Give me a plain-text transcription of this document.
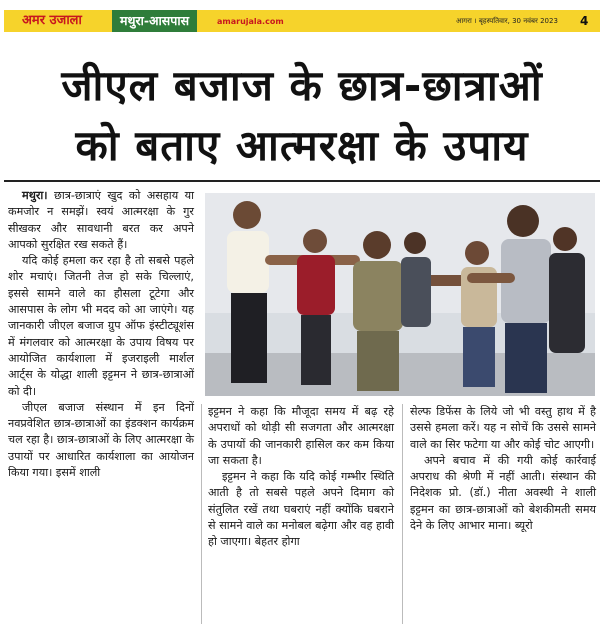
अमर उजाला	मथुरा-आसपास	amarujala.com	आगरा । बृहस्पतिवार, 30 नवंबर 2023 4
जीएल बजाज के छात्र-छात्राओं
को बताए आत्मरक्षा के उपाय

मथुरा। छात्र-छात्राएं खुद को असहाय या कमजोर न समझें। स्वयं आत्मरक्षा के गुर सीखकर और सावधानी बरत कर अपने आपको सुरक्षित रख सकते हैं।

यदि कोई हमला कर रहा है तो सबसे पहले शोर मचाएं। जितनी तेज हो सके चिल्लाएं, इससे सामने वाले का हौसला टूटेगा और आसपास के लोग भी मदद को आ जाएंगे। यह जानकारी जीएल बजाज ग्रुप ऑफ इंस्टीट्यूशंस में मंगलवार को आत्मरक्षा के उपाय विषय पर आयोजित कार्यशाला में इजराइली मार्शल आर्ट्स के योद्धा शाली इट्टमन ने छात्र-छात्राओं को दी।

जीएल बजाज संस्थान में इन दिनों नवप्रवेशित छात्र-छात्राओं का इंडक्शन कार्यक्रम चल रहा है। छात्र-छात्राओं के लिए आत्मरक्षा के उपायों पर आधारित कार्यशाला का आयोजन किया गया। इसमें शाली

इट्टमन ने कहा कि मौजूदा समय में बढ़ रहे अपराधों को थोड़ी सी सजगता और आत्मरक्षा के उपायों की जानकारी हासिल कर कम किया जा सकता है।

इट्टमन ने कहा कि यदि कोई गम्भीर स्थिति आती है तो सबसे पहले अपने दिमाग को संतुलित रखें तथा घबराएं नहीं क्योंकि घबराने से सामने वाले का मनोबल बढ़ेगा और वह हावी हो जाएगा। बेहतर होगा

सेल्फ डिफेंस के लिये जो भी वस्तु हाथ में है उससे हमला करें। यह न सोचें कि उससे सामने वाले का सिर फटेगा या और कोई चोट आएगी।

अपने बचाव में की गयी कोई कार्रवाई अपराध की श्रेणी में नहीं आती। संस्थान की निदेशक प्रो. (डॉ.) नीता अवस्थी ने शाली इट्टमन का छात्र-छात्राओं को बेशकीमती समय देने के लिए आभार माना। ब्यूरो
